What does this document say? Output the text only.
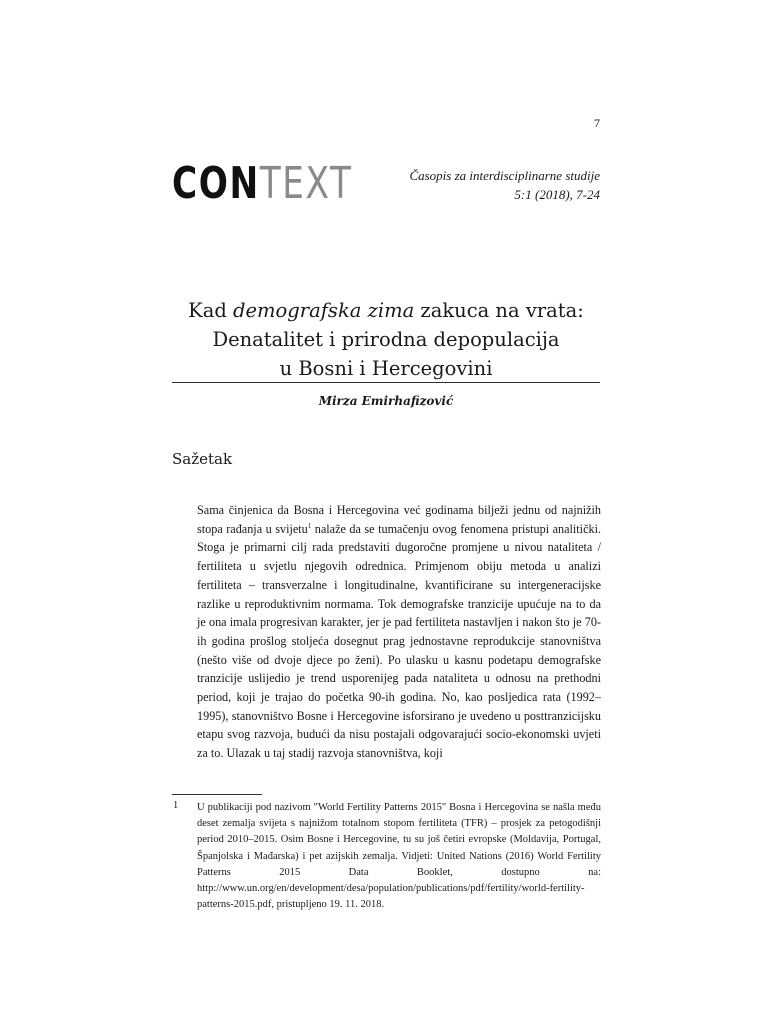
7
CONTEXT	Časopis za interdisciplinarne studije
5:1 (2018), 7-24
Kad demografska zima zakuca na vrata:
Denatalitet i prirodna depopulacija
u Bosni i Hercegovini
Mirza Emirhafizović
Sažetak
Sama činjenica da Bosna i Hercegovina već godinama bilježi jednu od najnižih stopa rađanja u svijetu$^1$ nalaže da se tumačenju ovog fenomena pristupi analitički. Stoga je primarni cilj rada predstaviti dugoročne promjene u nivou nataliteta / fertiliteta u svjetlu njegovih odrednica. Primjenom obiju metoda u analizi fertiliteta – transverzalne i longitudinalne, kvantificirane su intergeneracijske razlike u reproduktivnim normama. Tok demografske tranzicije upućuje na to da je ona imala progresivan karakter, jer je pad fertiliteta nastavljen i nakon što je 70-ih godina prošlog stoljeća dosegnut prag jednostavne reprodukcije stanovništva (nešto više od dvoje djece po ženi). Po ulasku u kasnu podetapu demografske tranzicije uslijedio je trend usporenijeg pada nataliteta u odnosu na prethodni period, koji je trajao do početka 90-ih godina. No, kao posljedica rata (1992–1995), stanovništvo Bosne i Hercegovine isforsirano je uvedeno u posttranzicijsku etapu svog razvoja, budući da nisu postajali odgovarajući socio-ekonomski uvjeti za to. Ulazak u taj stadij razvoja stanovništva, koji
1 U publikaciji pod nazivom "World Fertility Patterns 2015" Bosna i Hercegovina se našla među deset zemalja svijeta s najnižom totalnom stopom fertiliteta (TFR) – prosjek za petogodišnji period 2010–2015. Osim Bosne i Hercegovine, tu su još četiri evropske (Moldavija, Portugal, Španjolska i Mađarska) i pet azijskih zemalja. Vidjeti: United Nations (2016) World Fertility Patterns 2015 Data Booklet, dostupno na: http://www.un.org/en/development/desa/population/publications/pdf/fertility/world-fertility-patterns-2015.pdf, pristupljeno 19. 11. 2018.
